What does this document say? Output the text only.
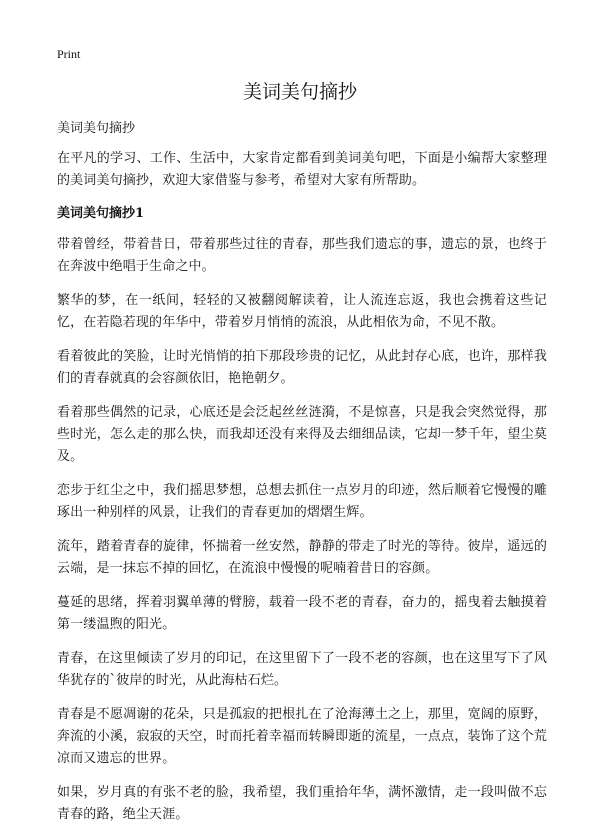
Print
美词美句摘抄
美词美句摘抄

在平凡的学习、工作、生活中，大家肯定都看到美词美句吧，下面是小编帮大家整理的美词美句摘抄，欢迎大家借鉴与参考，希望对大家有所帮助。

美词美句摘抄1

带着曾经，带着昔日，带着那些过往的青春，那些我们遗忘的事，遗忘的景，也终于在奔波中绝唱于生命之中。

繁华的梦，在一纸间，轻轻的又被翻阅解读着，让人流连忘返，我也会携着这些记忆，在若隐若现的年华中，带着岁月悄悄的流浪，从此相依为命，不见不散。

看着彼此的笑脸，让时光悄悄的拍下那段珍贵的记忆，从此封存心底，也许，那样我们的青春就真的会容颜依旧，艳艳朝夕。

看着那些偶然的记录，心底还是会泛起丝丝涟漪，不是惊喜，只是我会突然觉得，那些时光，怎么走的那么快，而我却还没有来得及去细细品读，它却一梦千年，望尘莫及。

恋步于红尘之中，我们摇思梦想，总想去抓住一点岁月的印迹，然后顺着它慢慢的雕琢出一种别样的风景，让我们的青春更加的熠熠生辉。

流年，踏着青春的旋律，怀揣着一丝安然，静静的带走了时光的等待。彼岸，遥远的云端，是一抹忘不掉的回忆，在流浪中慢慢的呢喃着昔日的容颜。

蔓延的思绪，挥着羽翼单薄的臂膀，载着一段不老的青春，奋力的，摇曳着去触摸着第一缕温煦的阳光。

青春，在这里倾读了岁月的印记，在这里留下了一段不老的容颜，也在这里写下了风华犹存的`彼岸的时光，从此海枯石烂。

青春是不愿凋谢的花朵，只是孤寂的把根扎在了沧海薄土之上，那里，宽阔的原野，奔流的小溪，寂寂的天空，时而托着幸福而转瞬即逝的流星，一点点，装饰了这个荒凉而又遗忘的世界。

如果，岁月真的有张不老的脸，我希望，我们重拾年华，满怀激情，走一段叫做不忘青春的路，绝尘天涯。
